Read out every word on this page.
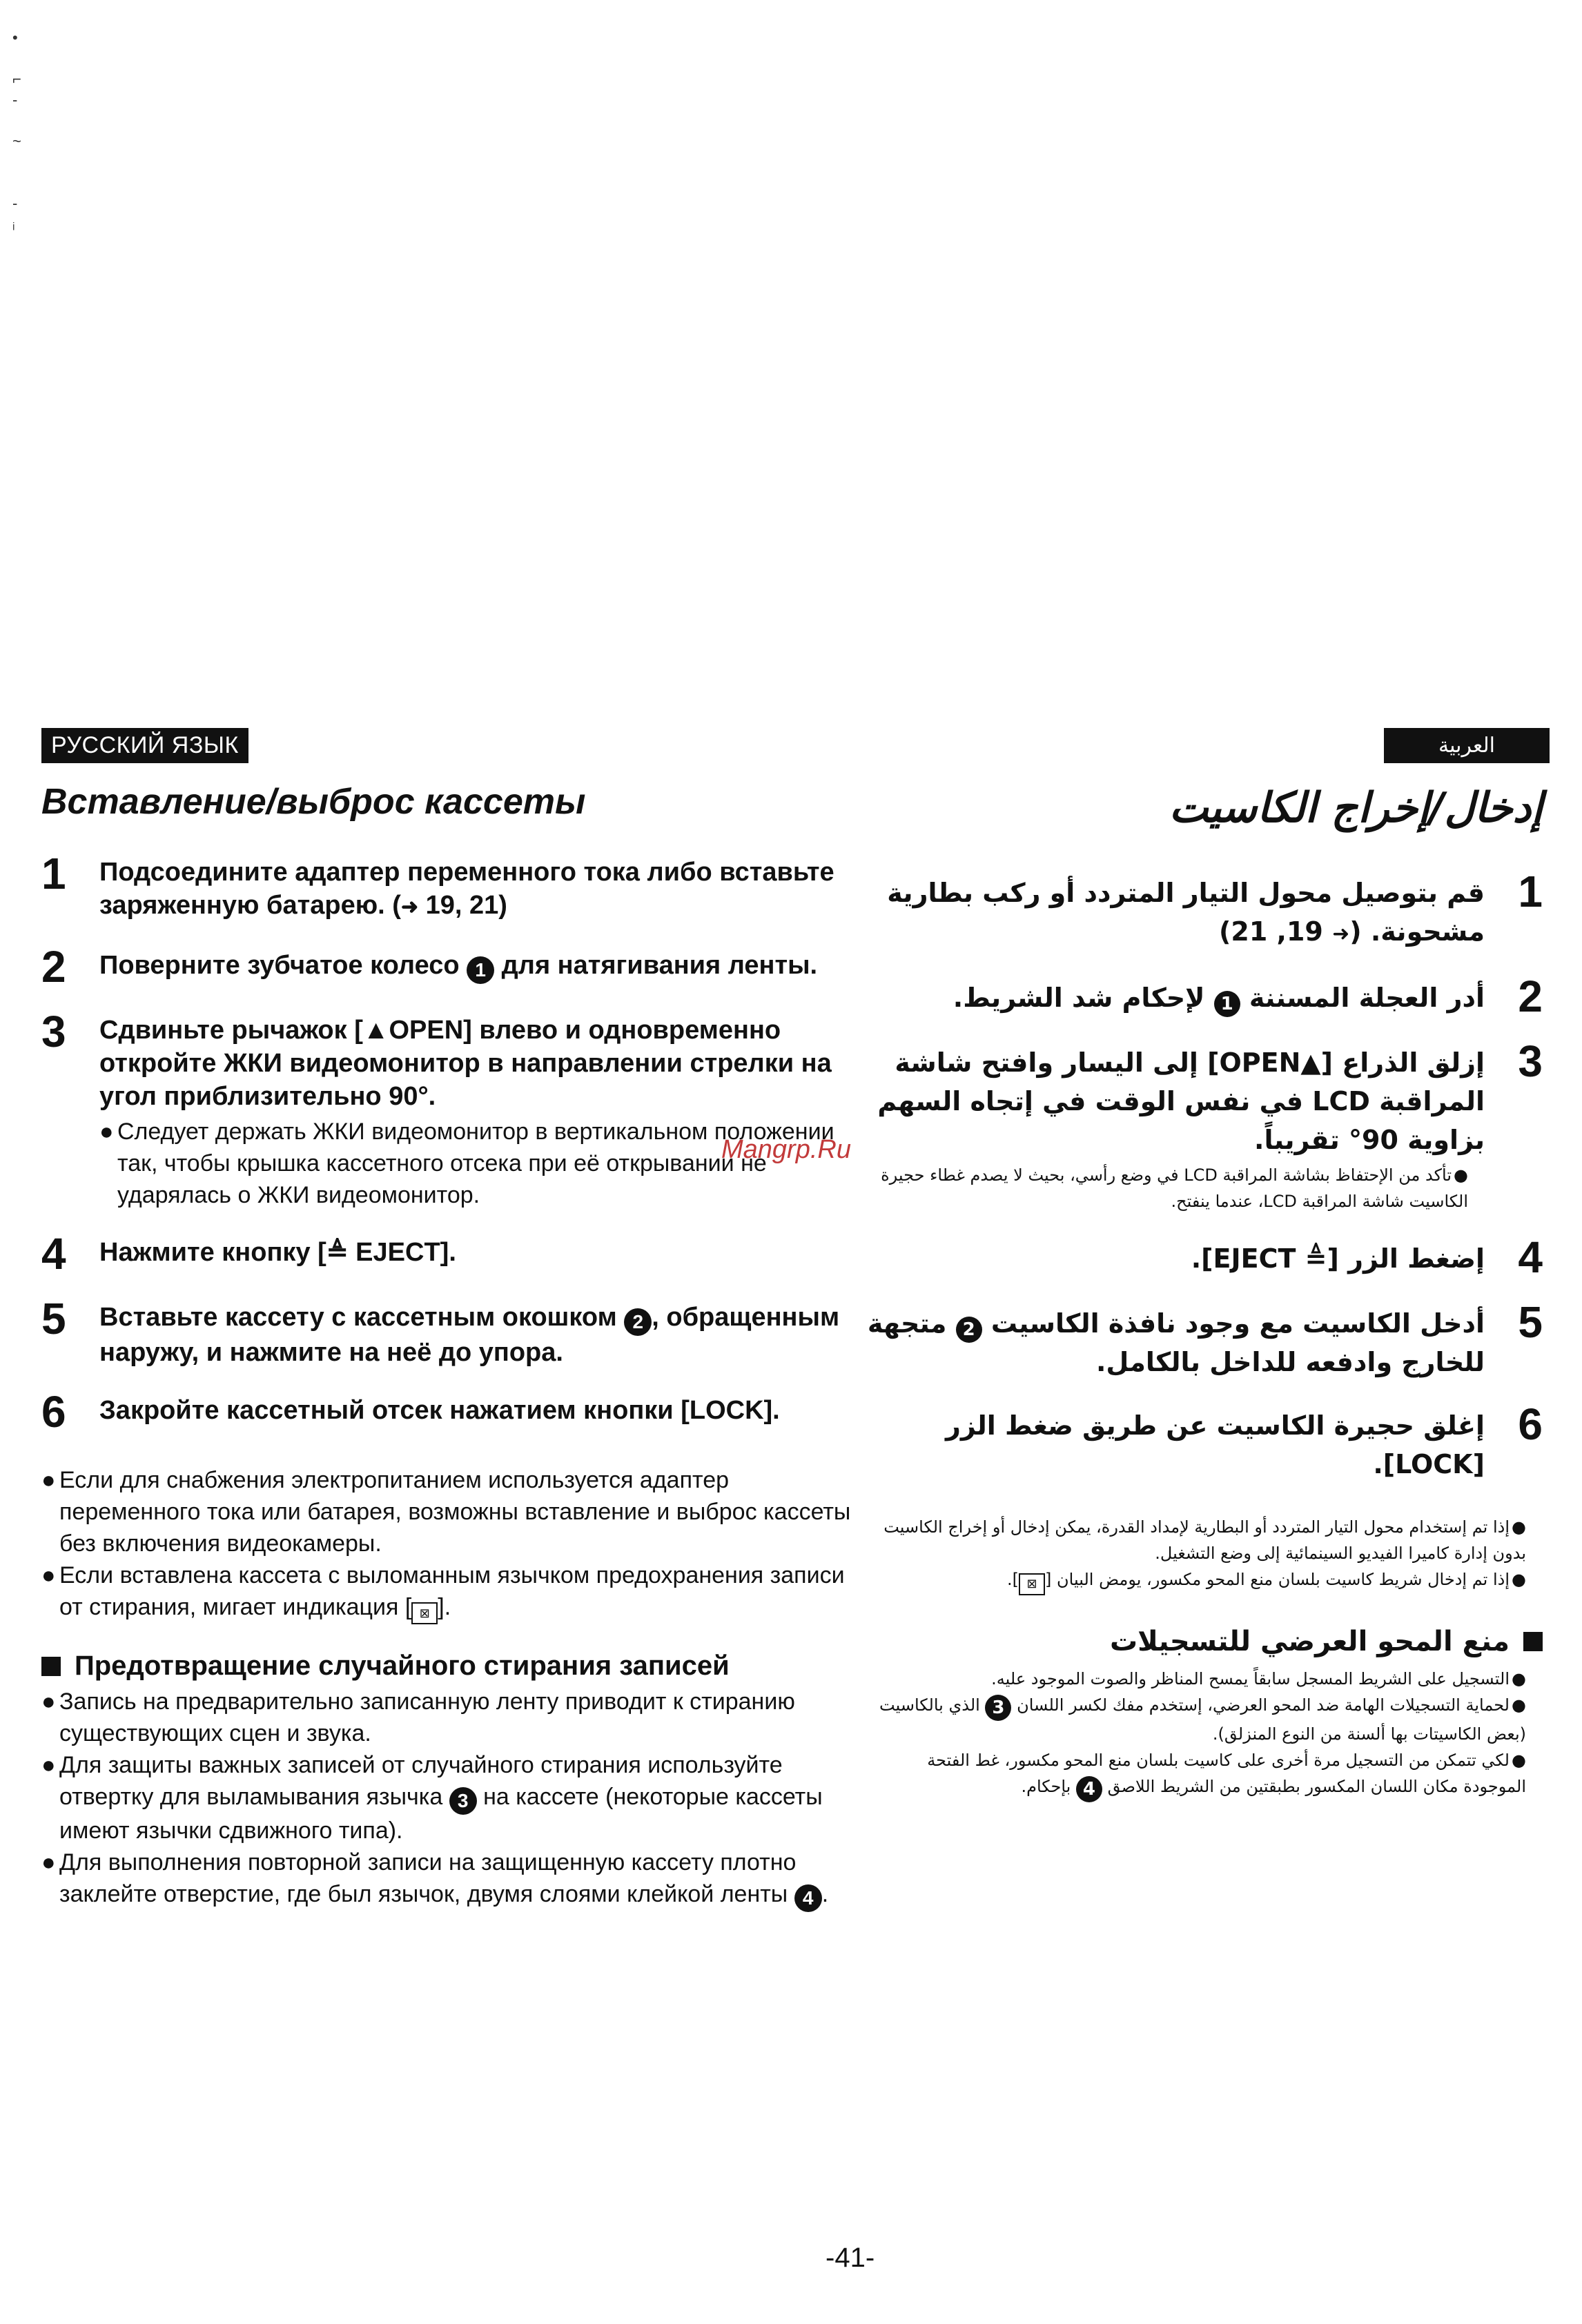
•

⌐
-

~

-
ᵢ
РУССКИЙ ЯЗЫК
Вставление/выброс кассеты
1	Подсоедините адаптер переменного тока либо вставьте заряженную батарею. (➜ 19, 21)
2	Поверните зубчатое колесо 1 для натягивания ленты.
3	Сдвиньте рычажок [▲OPEN] влево и одновременно откройте ЖКИ видеомонитор в направлении стрелки на угол приблизительно 90°.
● Следует держать ЖКИ видеомонитор в вертикальном положении так, чтобы крышка кассетного отсека при её открывании не ударялась о ЖКИ видеомонитор.
4	Нажмите кнопку [≜ EJECT].
5	Вставьте кассету с кассетным окошком 2 , обращенным наружу, и нажмите на неё до упора.
6	Закройте кассетный отсек нажатием кнопки [LOCK].
● Если для снабжения электропитанием используется адаптер переменного тока или батарея, возможны вставление и выброс кассеты без включения видеокамеры.
● Если вставлена кассета с выломанным язычком предохранения записи от стирания, мигает индикация [ ⊠ ].
Предотвращение случайного стирания записей
● Запись на предварительно записанную ленту приводит к стиранию существующих сцен и звука.
● Для защиты важных записей от случайного стирания используйте отвертку для выламывания язычка 3 на кассете (некоторые кассеты имеют язычки сдвижного типа).
● Для выполнения повторной записи на защищенную кассету плотно заклейте отверстие, где был язычок, двумя слоями клейкой ленты 4 .
العربية
إدخال/إخراج الكاسيت
1
قم بتوصيل محول التيار المتردد أو ركب بطارية مشحونة. (➜ 19, 21)
2
أدر العجلة المسننة 1 لإحكام شد الشريط.
3
إزلق الذراع [▲OPEN] إلى اليسار وافتح شاشة المراقبة LCD في نفس الوقت في إتجاه السهم بزاوية 90° تقريباً.
●تأكد من الإحتفاظ بشاشة المراقبة LCD في وضع رأسي، بحيث لا يصدم غطاء حجيرة الكاسيت شاشة المراقبة LCD، عندما ينفتح.
4
إضغط الزر [≜ EJECT].
5
أدخل الكاسيت مع وجود نافذة الكاسيت 2 متجهة للخارج وادفعه للداخل بالكامل.
6
إغلق حجيرة الكاسيت عن طريق ضغط الزر [LOCK].
●إذا تم إستخدام محول التيار المتردد أو البطارية لإمداد القدرة، يمكن إدخال أو إخراج الكاسيت بدون إدارة كاميرا الفيديو السينمائية إلى وضع التشغيل.
●إذا تم إدخال شريط كاسيت بلسان منع المحو مكسور، يومض البيان [⊠].
منع المحو العرضي للتسجيلات
●التسجيل على الشريط المسجل سابقاً يمسح المناظر والصوت الموجود عليه.
●لحماية التسجيلات الهامة ضد المحو العرضي، إستخدم مفك لكسر اللسان 3 الذي بالكاسيت (بعض الكاسيتات بها ألسنة من النوع المنزلق).
●لكي تتمكن من التسجيل مرة أخرى على كاسيت بلسان منع المحو مكسور، غط الفتحة الموجودة مكان اللسان المكسور بطبقتين من الشريط اللاصق 4 بإحكام.
Mangrp.Ru
-41-
